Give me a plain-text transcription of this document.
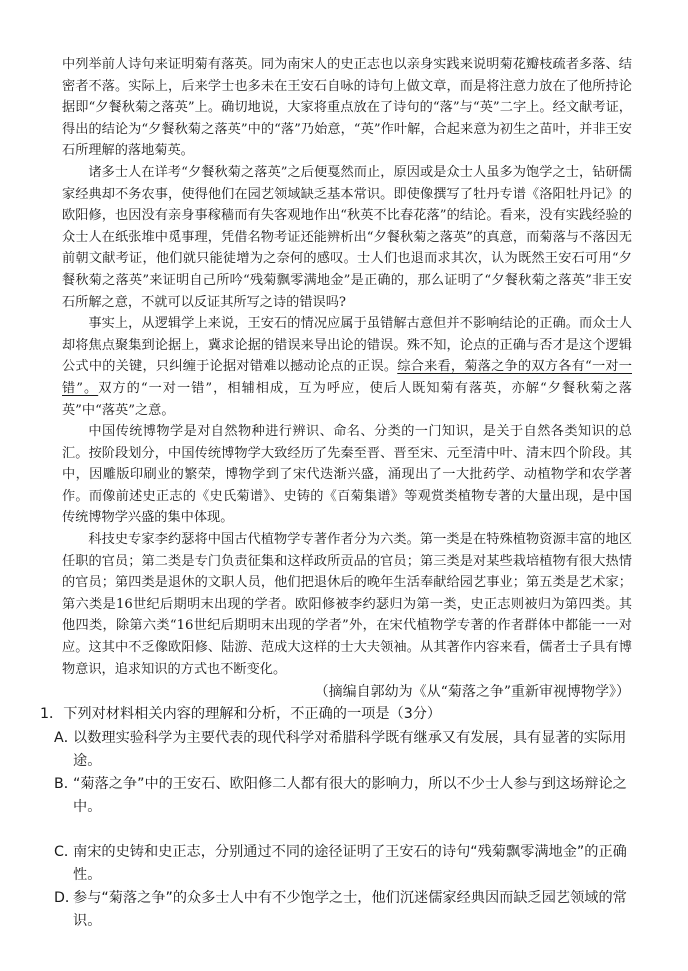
中列举前人诗句来证明菊有落英。同为南宋人的史正志也以亲身实践来说明菊花瓣枝疏者多落、结密者不落。实际上，后来学士也多未在王安石自咏的诗句上做文章，而是将注意力放在了他所持论据即“夕餐秋菊之落英”上。确切地说，大家将重点放在了诗句的“落”与“英”二字上。经文献考证，得出的结论为“夕餐秋菊之落英”中的“落”乃始意，“英”作叶解，合起来意为初生之苗叶，并非王安石所理解的落地菊英。

诸多士人在详考“夕餐秋菊之落英”之后便戛然而止，原因或是众士人虽多为饱学之士，钻研儒家经典却不务农事，使得他们在园艺领域缺乏基本常识。即使像撰写了牡丹专谱《洛阳牡丹记》的欧阳修，也因没有亲身事稼穑而有失客观地作出“秋英不比春花落”的结论。看来，没有实践经验的众士人在纸张堆中觅事理，凭借名物考证还能辨析出“夕餐秋菊之落英”的真意，而菊落与不落因无前朝文献考证，他们就只能徒增为之奈何的感叹。士人们也退而求其次，认为既然王安石可用“夕餐秋菊之落英”来证明自己所吟“残菊飘零满地金”是正确的，那么证明了“夕餐秋菊之落英”非王安石所解之意，不就可以反证其所写之诗的错误吗?

事实上，从逻辑学上来说，王安石的情况应属于虽错解古意但并不影响结论的正确。而众士人却将焦点聚集到论据上，冀求论据的错误来导出论的错误。殊不知，论点的正确与否才是这个逻辑公式中的关键，只纠缠于论据对错难以撼动论点的正误。综合来看，菊落之争的双方各有“一对一错”。双方的“一对一错”，相辅相成，互为呼应，使后人既知菊有落英，亦解“夕餐秋菊之落英”中“落英”之意。

中国传统博物学是对自然物种进行辨识、命名、分类的一门知识，是关于自然各类知识的总汇。按阶段划分，中国传统博物学大致经历了先秦至晋、晋至宋、元至清中叶、清末四个阶段。其中，因雕版印刷业的繁荣，博物学到了宋代迭渐兴盛，涌现出了一大批药学、动植物学和农学著作。而像前述史正志的《史氏菊谱》、史铸的《百菊集谱》等观赏类植物专著的大量出现，是中国传统博物学兴盛的集中体现。

科技史专家李约瑟将中国古代植物学专著作者分为六类。第一类是在特殊植物资源丰富的地区任职的官员；第二类是专门负责征集和这样政所贡品的官员；第三类是对某些栽培植物有很大热情的官员；第四类是退休的文职人员，他们把退休后的晚年生活奉献给园艺事业；第五类是艺术家；第六类是16世纪后期明末出现的学者。欧阳修被李约瑟归为第一类，史正志则被归为第四类。其他四类，除第六类“16世纪后期明末出现的学者”外，在宋代植物学专著的作者群体中都能一一对应。这其中不乏像欧阳修、陆游、范成大这样的士大夫领袖。从其著作内容来看，儒者士子具有博物意识，追求知识的方式也不断变化。

（摘编自郭幼为《从“菊落之争”重新审视博物学》）
1．下列对材料相关内容的理解和分析，不正确的一项是（3分）
A．
以数理实验科学为主要代表的现代科学对希腊科学既有继承又有发展，具有显著的实际用途。
B．
“菊落之争”中的王安石、欧阳修二人都有很大的影响力，所以不少士人参与到这场辩论之中。
C．
南宋的史铸和史正志，分别通过不同的途径证明了王安石的诗句“残菊飘零满地金”的正确性。
D．
参与“菊落之争”的众多士人中有不少饱学之士，他们沉迷儒家经典因而缺乏园艺领域的常识。
